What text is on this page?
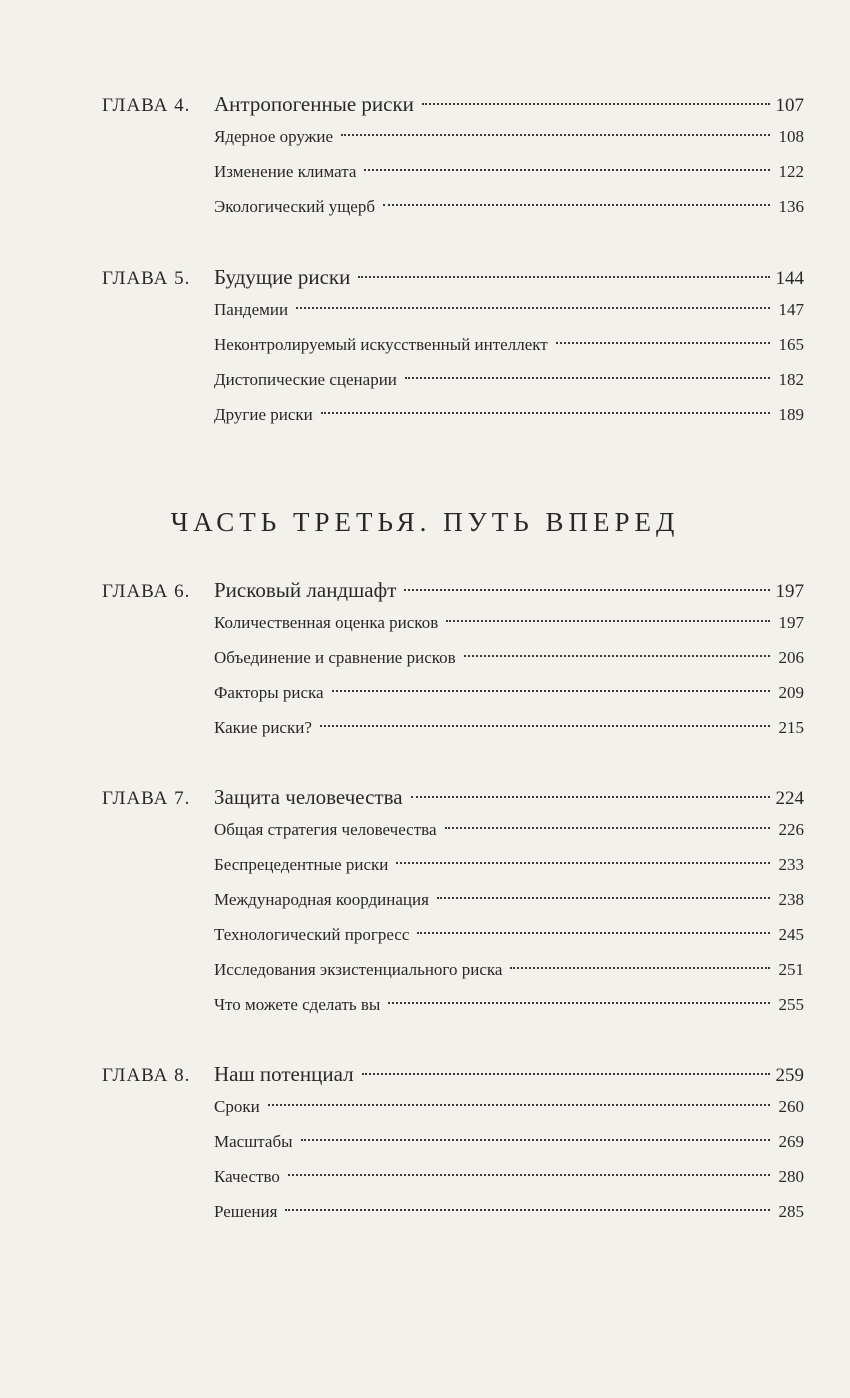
ГЛАВА 4.	Антропогенные риски	107
Ядерное оружие	108
Изменение климата	122
Экологический ущерб	136
ГЛАВА 5.	Будущие риски	144
Пандемии	147
Неконтролируемый искусственный интеллект	165
Дистопические сценарии	182
Другие риски	189
ЧАСТЬ ТРЕТЬЯ. ПУТЬ ВПЕРЕД
ГЛАВА 6.	Рисковый ландшафт	197
Количественная оценка рисков	197
Объединение и сравнение рисков	206
Факторы риска	209
Какие риски?	215
ГЛАВА 7.	Защита человечества	224
Общая стратегия человечества	226
Беспрецедентные риски	233
Международная координация	238
Технологический прогресс	245
Исследования экзистенциального риска	251
Что можете сделать вы	255
ГЛАВА 8.	Наш потенциал	259
Сроки	260
Масштабы	269
Качество	280
Решения	285
